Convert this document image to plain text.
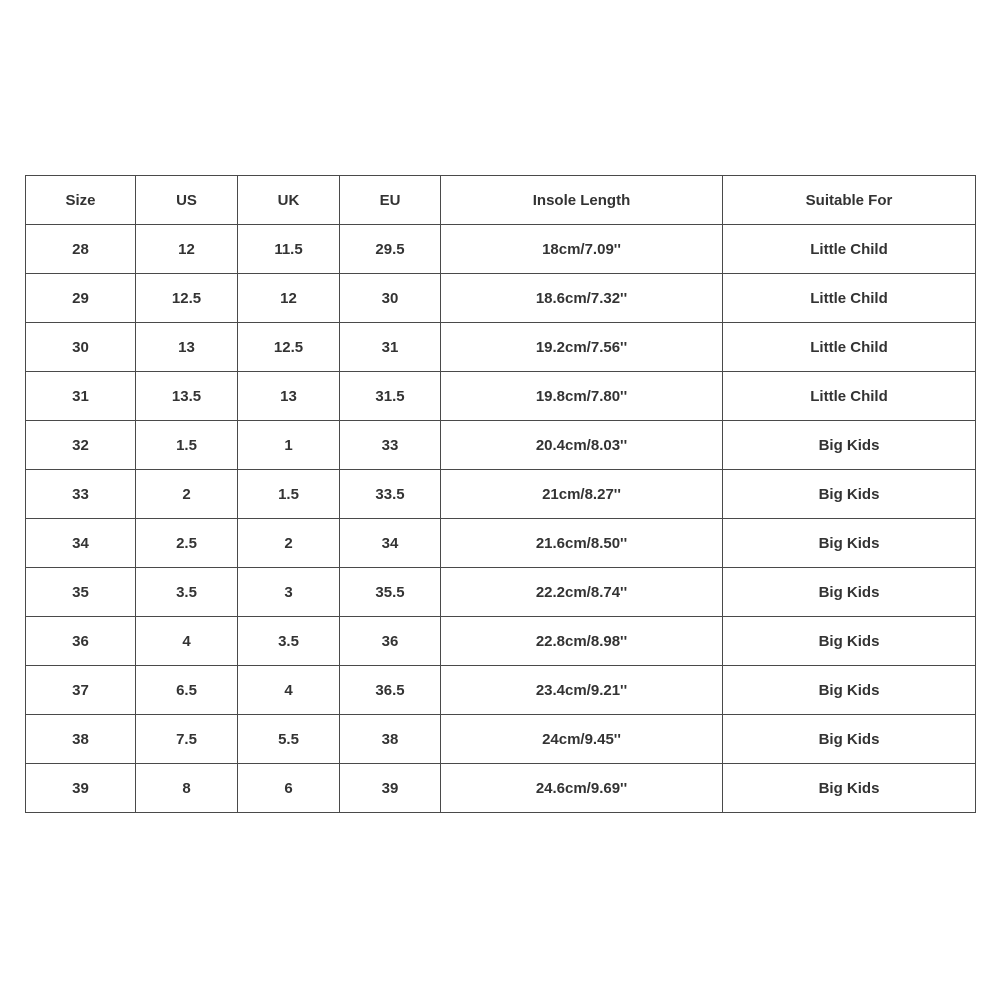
Size	US	UK	EU	Insole Length	Suitable For
28	12	11.5	29.5	18cm/7.09''	Little Child
29	12.5	12	30	18.6cm/7.32''	Little Child
30	13	12.5	31	19.2cm/7.56''	Little Child
31	13.5	13	31.5	19.8cm/7.80''	Little Child
32	1.5	1	33	20.4cm/8.03''	Big Kids
33	2	1.5	33.5	21cm/8.27''	Big Kids
34	2.5	2	34	21.6cm/8.50''	Big Kids
35	3.5	3	35.5	22.2cm/8.74''	Big Kids
36	4	3.5	36	22.8cm/8.98''	Big Kids
37	6.5	4	36.5	23.4cm/9.21''	Big Kids
38	7.5	5.5	38	24cm/9.45''	Big Kids
39	8	6	39	24.6cm/9.69''	Big Kids
